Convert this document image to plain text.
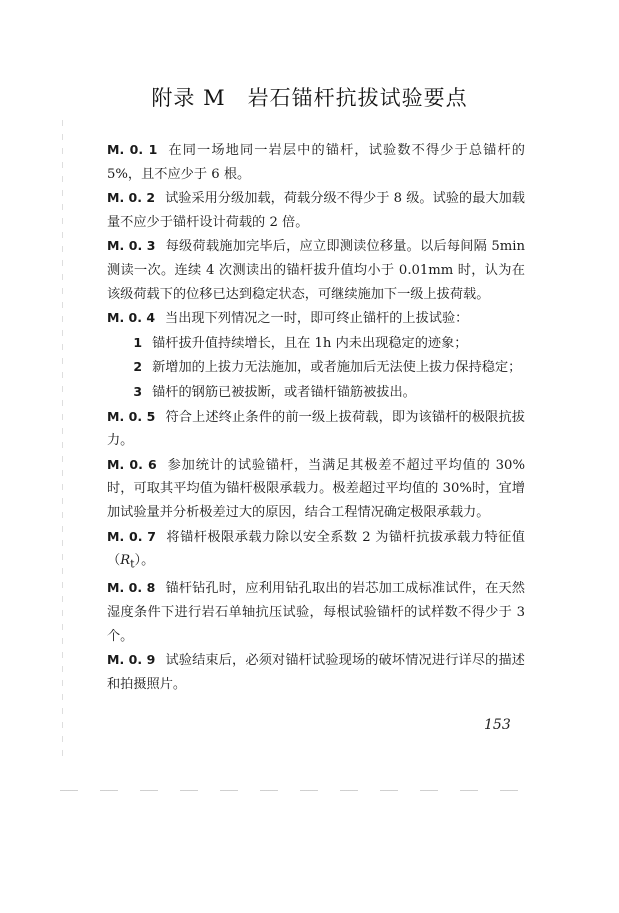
附录 M　岩石锚杆抗拔试验要点

M. 0. 1 在同一场地同一岩层中的锚杆，试验数不得少于总锚杆的 5%，且不应少于 6 根。

M. 0. 2 试验采用分级加载，荷载分级不得少于 8 级。试验的最大加载量不应少于锚杆设计荷载的 2 倍。

M. 0. 3 每级荷载施加完毕后，应立即测读位移量。以后每间隔 5min 测读一次。连续 4 次测读出的锚杆拔升值均小于 0.01mm 时，认为在该级荷载下的位移已达到稳定状态，可继续施加下一级上拔荷载。

M. 0. 4 当出现下列情况之一时，即可终止锚杆的上拔试验：

1 锚杆拔升值持续增长，且在 1h 内未出现稳定的迹象；

2 新增加的上拔力无法施加，或者施加后无法使上拔力保持稳定；

3 锚杆的钢筋已被拔断，或者锚杆锚筋被拔出。

M. 0. 5 符合上述终止条件的前一级上拔荷载，即为该锚杆的极限抗拔力。

M. 0. 6 参加统计的试验锚杆，当满足其极差不超过平均值的 30%时，可取其平均值为锚杆极限承载力。极差超过平均值的 30%时，宜增加试验量并分析极差过大的原因，结合工程情况确定极限承载力。

M. 0. 7 将锚杆极限承载力除以安全系数 2 为锚杆抗拔承载力特征值$(R_t)$。

M. 0. 8 锚杆钻孔时，应利用钻孔取出的岩芯加工成标准试件，在天然湿度条件下进行岩石单轴抗压试验，每根试验锚杆的试样数不得少于 3 个。

M. 0. 9 试验结束后，必须对锚杆试验现场的破坏情况进行详尽的描述和拍摄照片。

153
